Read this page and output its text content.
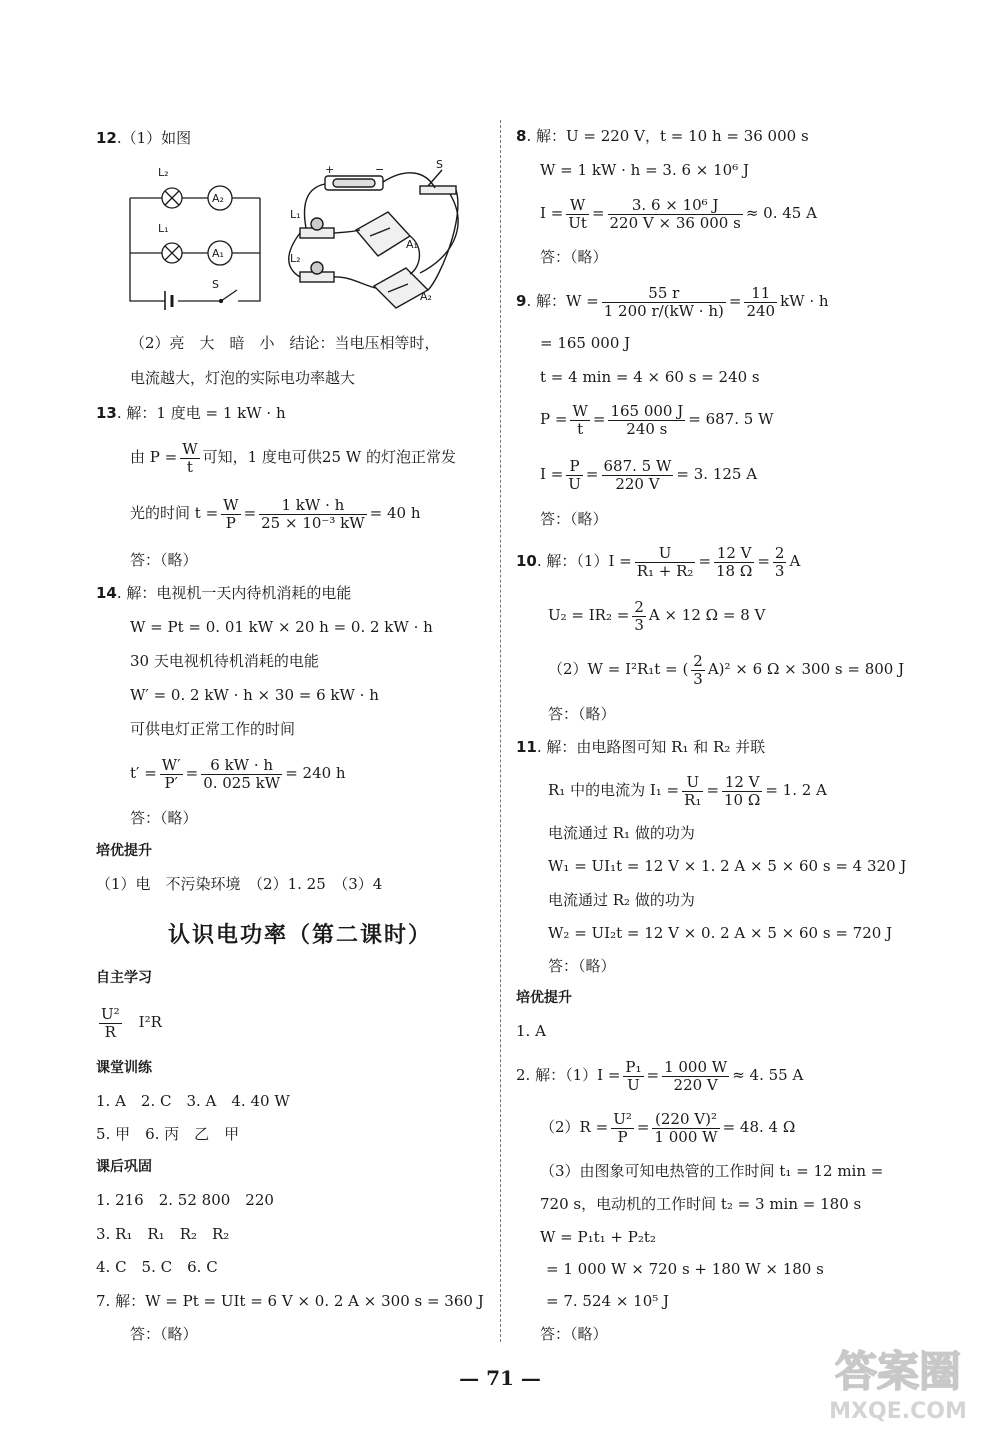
12.（1）如图
L₂
A₂
L₁
A₁
S
+	−	S
L₁
L₂
A₁
A₂
（2）亮　大　暗　小　结论：当电压相等时，
电流越大，灯泡的实际电功率越大
13. 解：1 度电 = 1 kW · h
由 $P = \frac{W}{t}$ 可知，1 度电可供25 W 的灯泡正常发
光的时间 $t = \frac{W}{P} = \frac{1 kW \cdot h}{\text{25 × 10⁻³ kW}} = 40$ h
答：（略）
14. 解：电视机一天内待机消耗的电能
W = Pt = 0. 01 kW × 20 h = 0. 2 kW · h
30 天电视机待机消耗的电能
W′ = 0. 2 kW · h × 30 = 6 kW · h
可供电灯正常工作的时间
$t' = \frac{W'}{P'} = \frac{6 kW \cdot h}{0. 025 kW} = 240$ h
答：（略）
培优提升
（1）电　不污染环境　（2）1. 25　（3）4
认识电功率（第二课时）
自主学习
$\frac{\text{U²}}{R} I^2R$
课堂训练
1. A　2. C　3. A　4. 40 W
5. 甲　6. 丙　乙　甲
课后巩固
1. 216　2. 52 800　220
3. R₁　R₁　R₂　R₂
4. C　5. C　6. C
7. 解：W = Pt = UIt = 6 V × 0. 2 A × 300 s = 360 J
答：（略）
8. 解：U = 220 V，t = 10 h = 36 000 s
W = 1 kW · h = 3. 6 × 10⁶ J
$I = \frac{W}{Ut} = \frac{\text{3. 6 × 10⁶ J}}{220 V \times 36 000 s} \approx 0$. 45 A
答：（略）
9. 解：$W = \frac{55 r}{1 200 r/(kW \cdot h)} = \frac{11}{240}$ kW · h
= 165 000 J
t = 4 min = 4 × 60 s = 240 s
$P = \frac{W}{t} = \frac{165 000 J}{240 s} = 687$. 5 W
$I = \frac{P}{U} = \frac{687. 5 W}{220 V} = 3$. 125 A
答：（略）
10. 解：$(1)I = \frac{U}{\text{R₁ + R₂}} = \frac{12 V}{18 \Omega} = \frac{2}{3}$ A
$U_2 = IR_2 = \frac{2}{3}$ A × 12 Ω = 8 V
（2）W = I²R₁t = ( $\frac{2}{3} A)^2 \times 6$ Ω × 300 s = 800 J
答：（略）
11. 解：由电路图可知 R₁ 和 R₂ 并联
R₁ 中的电流为 $I_1 = \frac{U}{\text{R₁}} = \frac{12 V}{10 \Omega} = 1$. 2 A
电流通过 R₁ 做的功为
W₁ = UI₁t = 12 V × 1. 2 A × 5 × 60 s = 4 320 J
电流通过 R₂ 做的功为
W₂ = UI₂t = 12 V × 0. 2 A × 5 × 60 s = 720 J
答：（略）
培优提升
1. A
2. 解：$(1)I = \frac{\text{P₁}}{U} = \frac{1 000 W}{220 V} \approx 4$. 55 A
$(2)R = \frac{\text{U²}}{P} = \frac{\text{(220 V)²}}{1 000 W} = 48$. 4 Ω
（3）由图象可知电热管的工作时间 t₁ = 12 min =
720 s，电动机的工作时间 t₂ = 3 min = 180 s
W = P₁t₁ + P₂t₂
= 1 000 W × 720 s + 180 W × 180 s
= 7. 524 × 10⁵ J
答：（略）
— 71 —	答案圈
MXQE.COM
